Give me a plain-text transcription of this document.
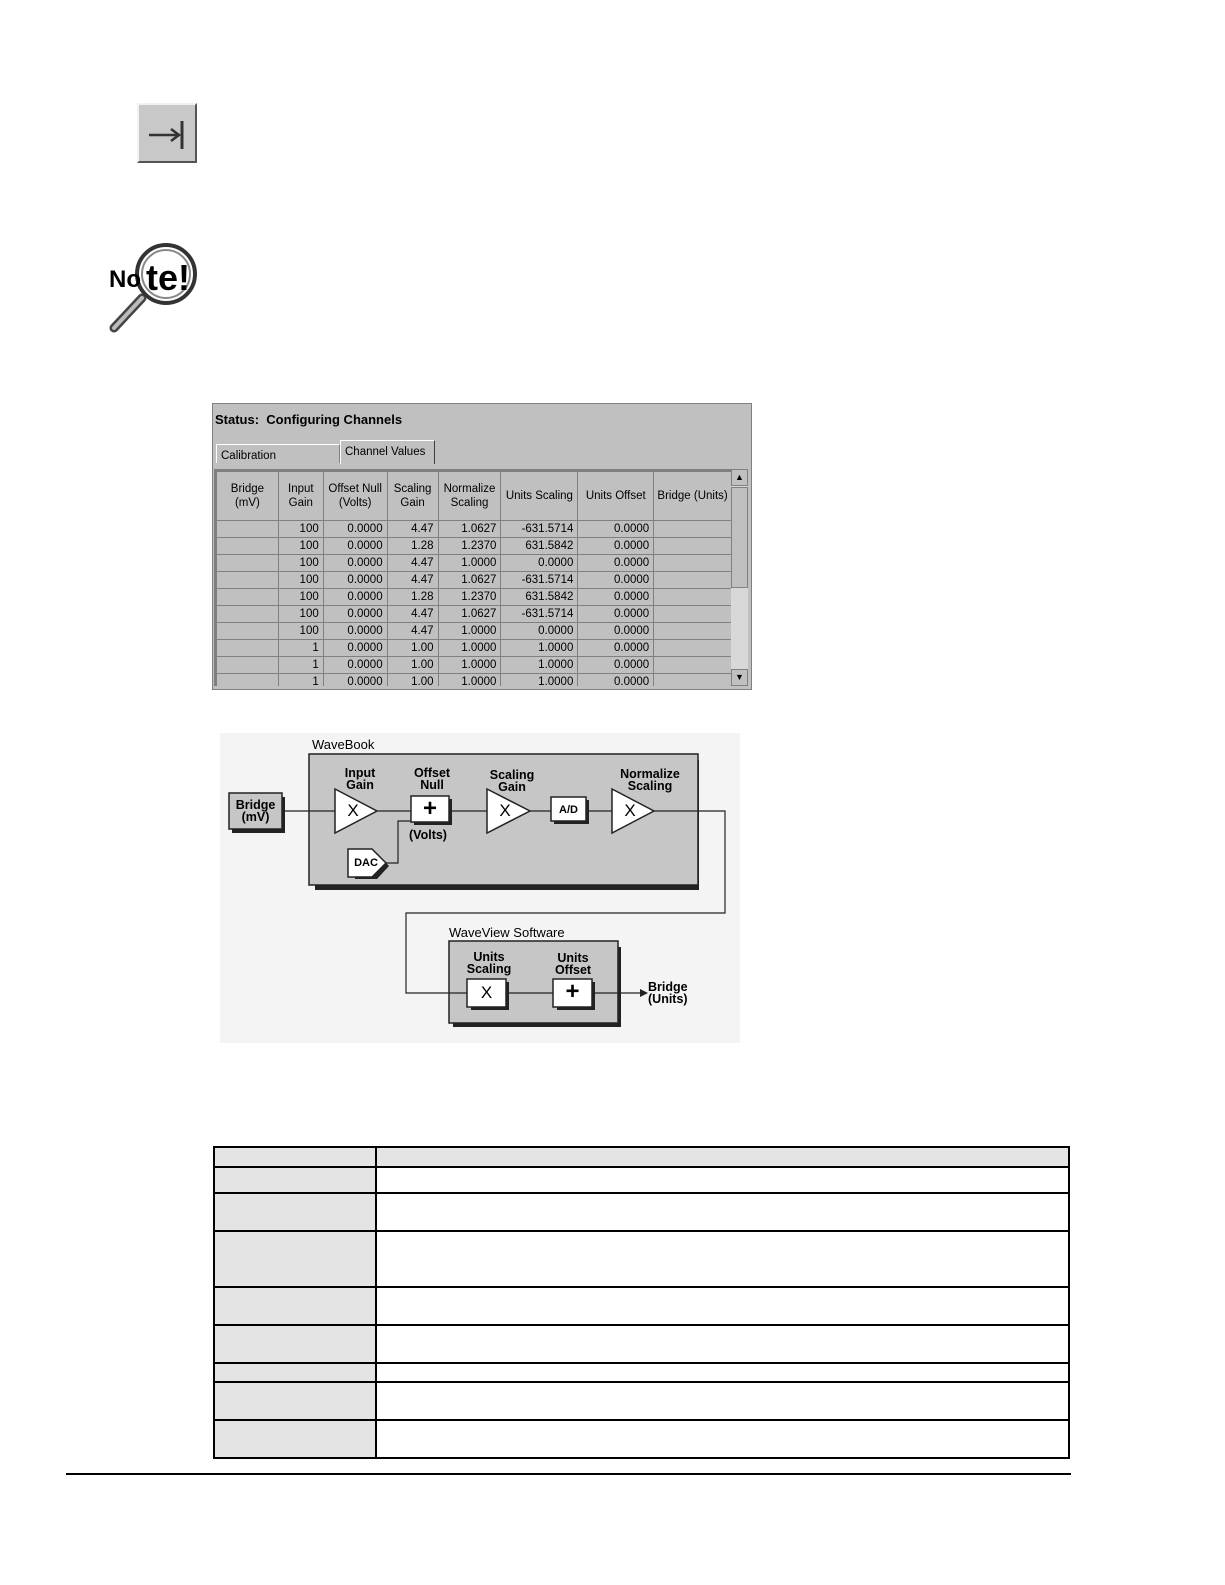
No te!
Status: Configuring Channels
Calibration	Channel Values
Bridge (mV)	Input Gain	Offset Null (Volts)	Scaling Gain	Normalize Scaling	Units Scaling	Units Offset	Bridge (Units)
	100	0.0000	4.47	1.0627	-631.5714	0.0000	
	100	0.0000	1.28	1.2370	631.5842	0.0000	
	100	0.0000	4.47	1.0000	0.0000	0.0000	
	100	0.0000	4.47	1.0627	-631.5714	0.0000	
	100	0.0000	1.28	1.2370	631.5842	0.0000	
	100	0.0000	4.47	1.0627	-631.5714	0.0000	
	100	0.0000	4.47	1.0000	0.0000	0.0000	
	1	0.0000	1.00	1.0000	1.0000	0.0000	
	1	0.0000	1.00	1.0000	1.0000	0.0000	
	1	0.0000	1.00	1.0000	1.0000	0.0000	
▲
▼
WaveBook
WaveView Software
Bridge
(mV)
Input
Gain
Offset
Null
(Volts)
Scaling
Gain
Normalize
Scaling
A/D
DAC
X	X	X
+
Units
Scaling
Units
Offset
X	+	Bridge
(Units)
